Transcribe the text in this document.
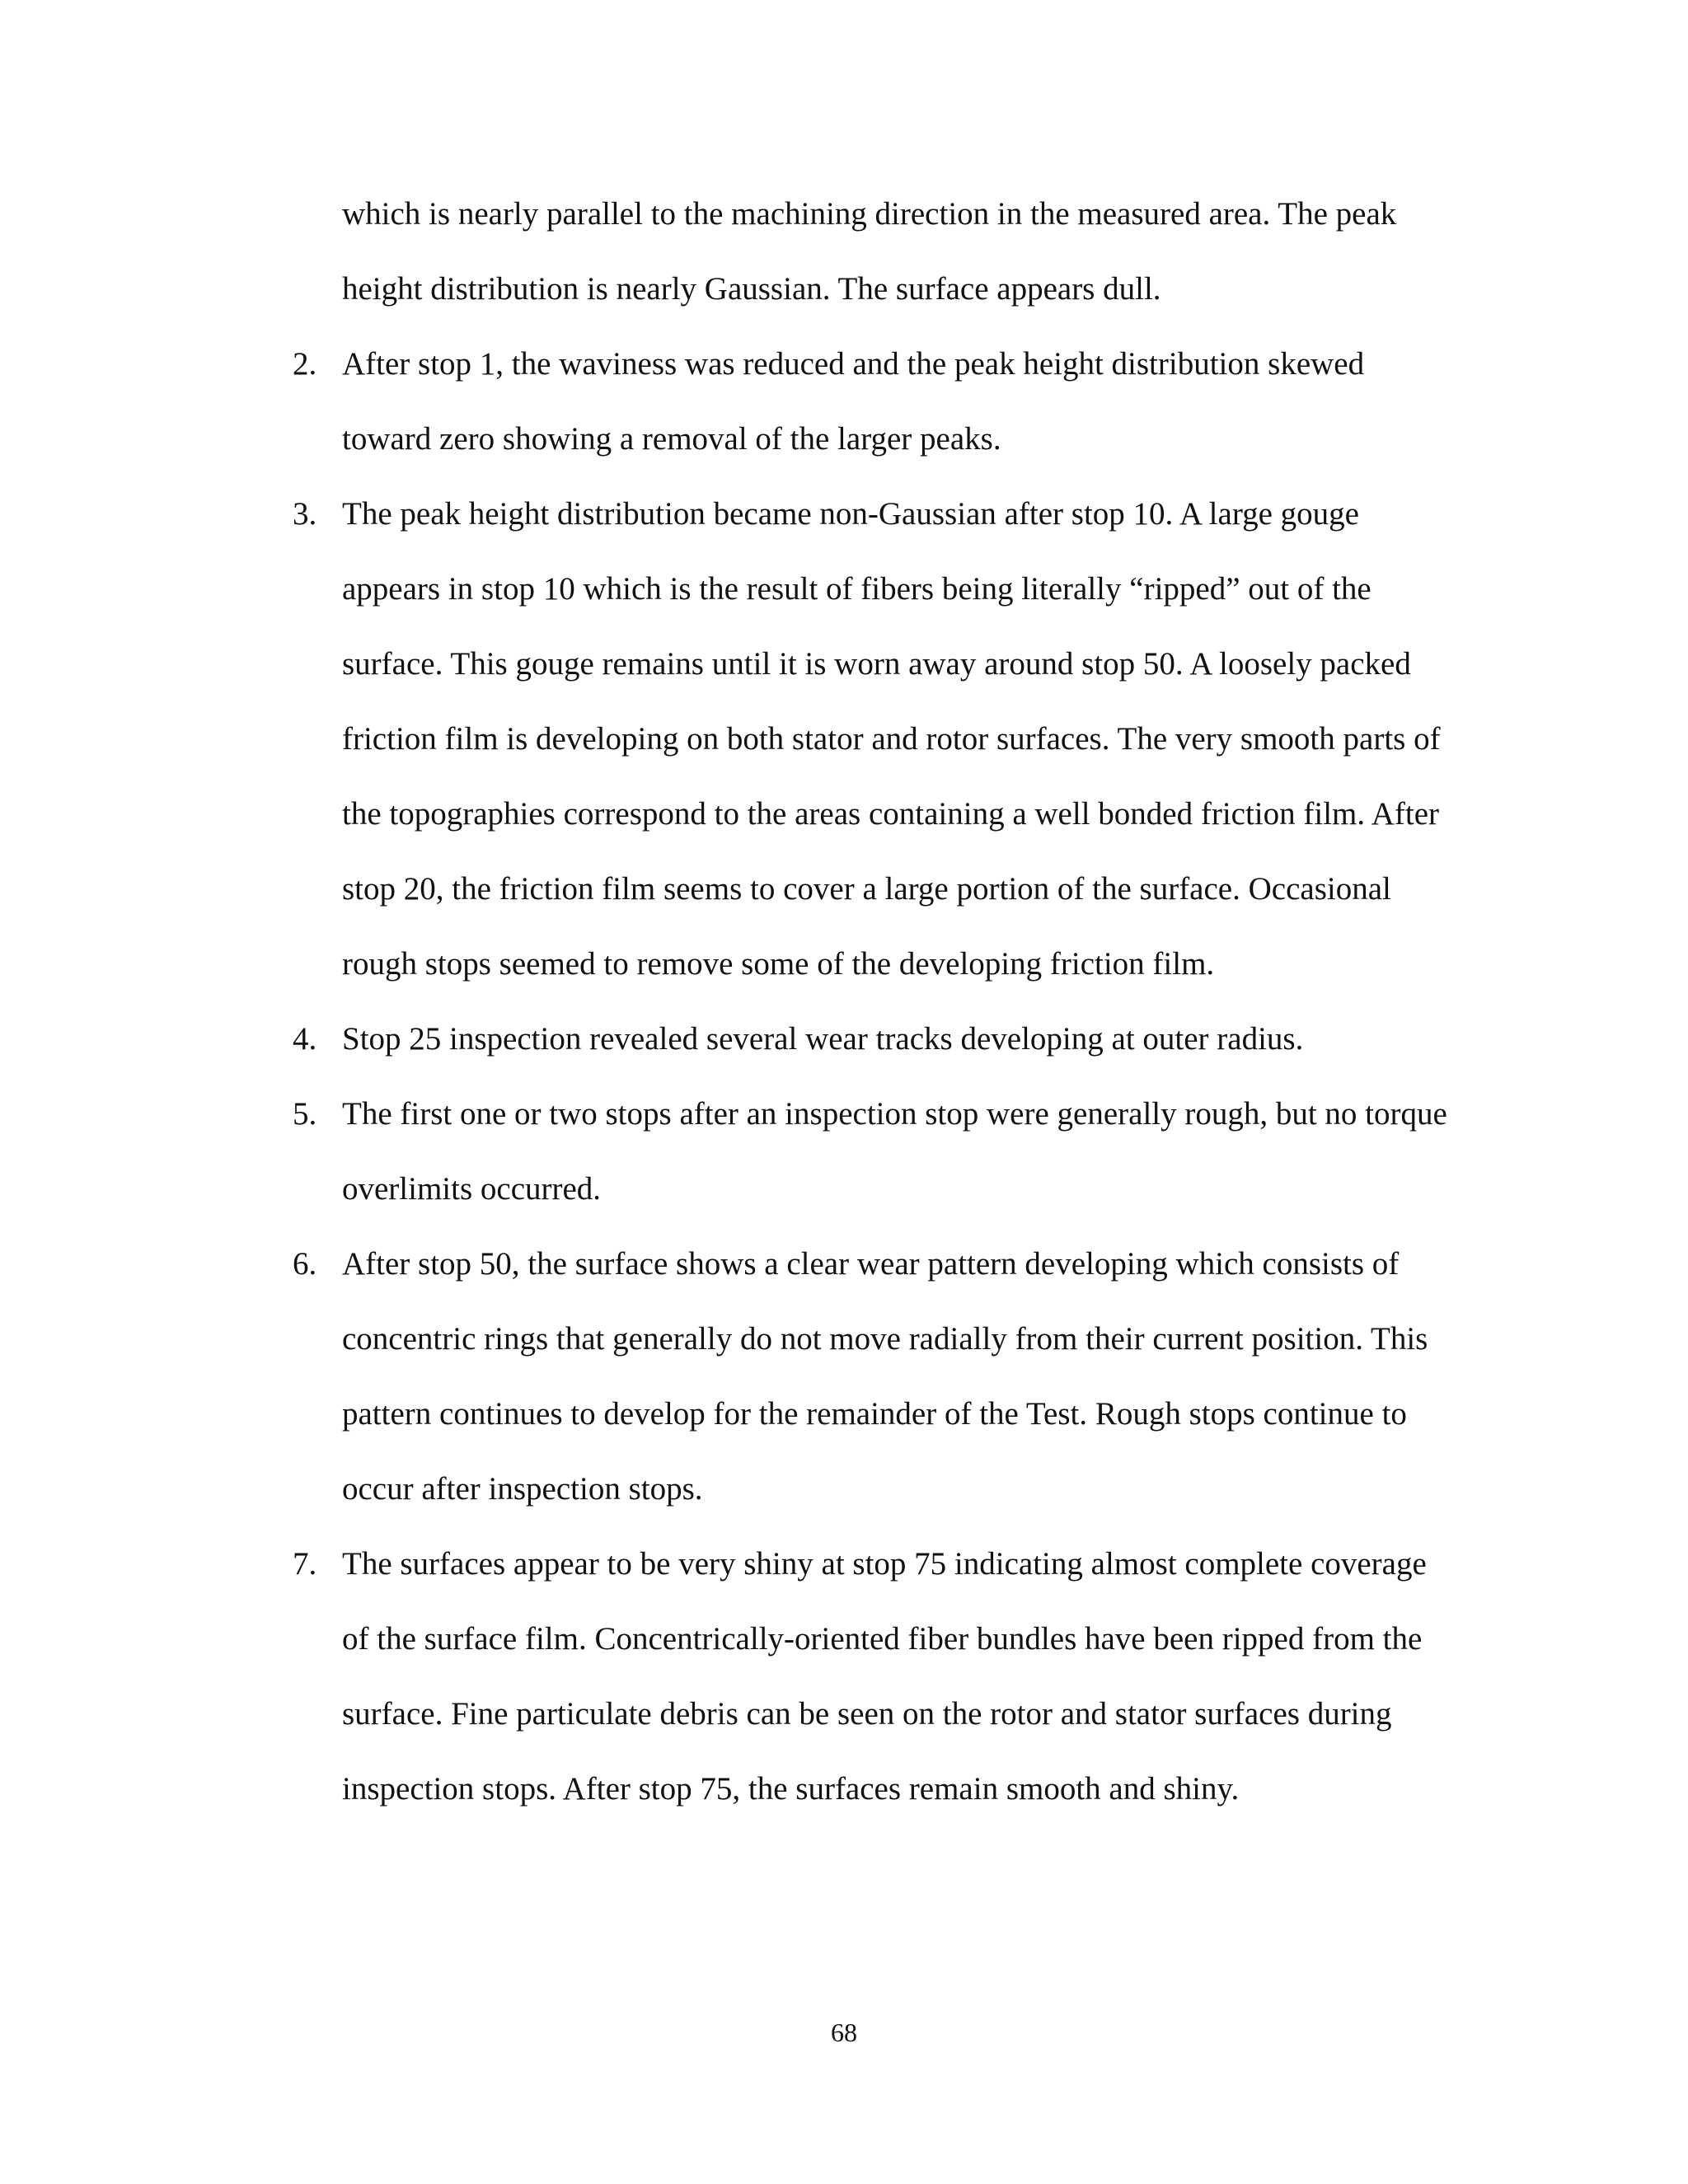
which is nearly parallel to the machining direction in the measured area. The peak

height distribution is nearly Gaussian. The surface appears dull.

2. After stop 1, the waviness was reduced and the peak height distribution skewed

toward zero showing a removal of the larger peaks.

3. The peak height distribution became non-Gaussian after stop 10. A large gouge

appears in stop 10 which is the result of fibers being literally “ripped” out of the

surface. This gouge remains until it is worn away around stop 50. A loosely packed

friction film is developing on both stator and rotor surfaces. The very smooth parts of

the topographies correspond to the areas containing a well bonded friction film. After

stop 20, the friction film seems to cover a large portion of the surface. Occasional

rough stops seemed to remove some of the developing friction film.

4. Stop 25 inspection revealed several wear tracks developing at outer radius.

5. The first one or two stops after an inspection stop were generally rough, but no torque

overlimits occurred.

6. After stop 50, the surface shows a clear wear pattern developing which consists of

concentric rings that generally do not move radially from their current position. This

pattern continues to develop for the remainder of the Test. Rough stops continue to

occur after inspection stops.

7. The surfaces appear to be very shiny at stop 75 indicating almost complete coverage

of the surface film. Concentrically-oriented fiber bundles have been ripped from the

surface. Fine particulate debris can be seen on the rotor and stator surfaces during

inspection stops. After stop 75, the surfaces remain smooth and shiny.

68
